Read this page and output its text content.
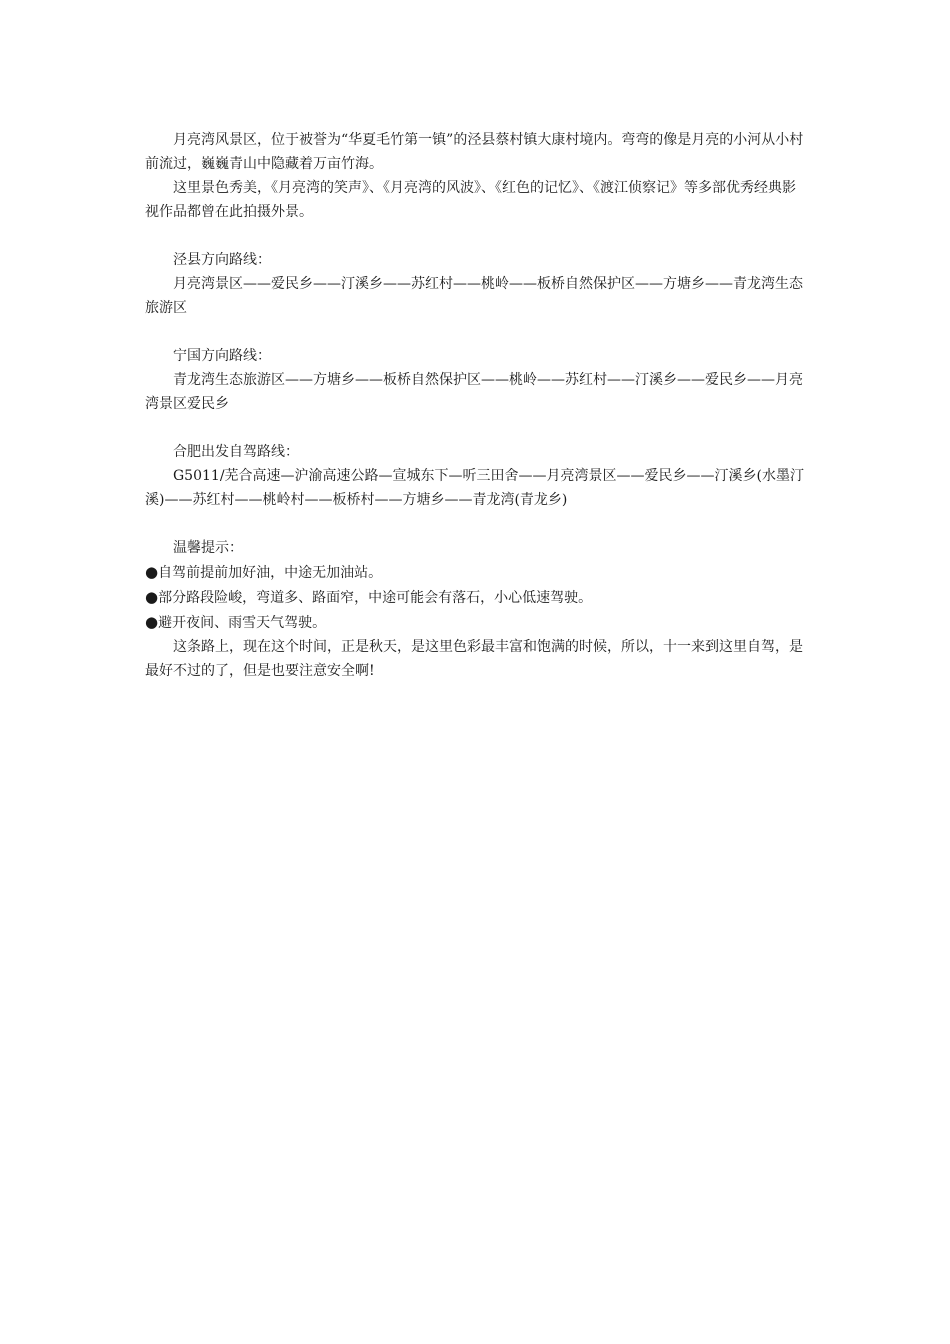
月亮湾风景区，位于被誉为“华夏毛竹第一镇”的泾县蔡村镇大康村境内。弯弯的像是月亮的小河从小村前流过，巍巍青山中隐藏着万亩竹海。

这里景色秀美，《月亮湾的笑声》、《月亮湾的风波》、《红色的记忆》、《渡江侦察记》等多部优秀经典影视作品都曾在此拍摄外景。

泾县方向路线：

月亮湾景区——爱民乡——汀溪乡——苏红村——桃岭——板桥自然保护区——方塘乡——青龙湾生态旅游区

宁国方向路线：

青龙湾生态旅游区——方塘乡——板桥自然保护区——桃岭——苏红村——汀溪乡——爱民乡——月亮湾景区爱民乡

合肥出发自驾路线：

G5011/芜合高速—沪渝高速公路—宣城东下—听三田舍——月亮湾景区——爱民乡——汀溪乡(水墨汀溪)——苏红村——桃岭村——板桥村——方塘乡——青龙湾(青龙乡)

温馨提示：

●自驾前提前加好油，中途无加油站。

●部分路段险峻，弯道多、路面窄，中途可能会有落石，小心低速驾驶。

●避开夜间、雨雪天气驾驶。

这条路上，现在这个时间，正是秋天，是这里色彩最丰富和饱满的时候，所以，十一来到这里自驾，是最好不过的了，但是也要注意安全啊!
